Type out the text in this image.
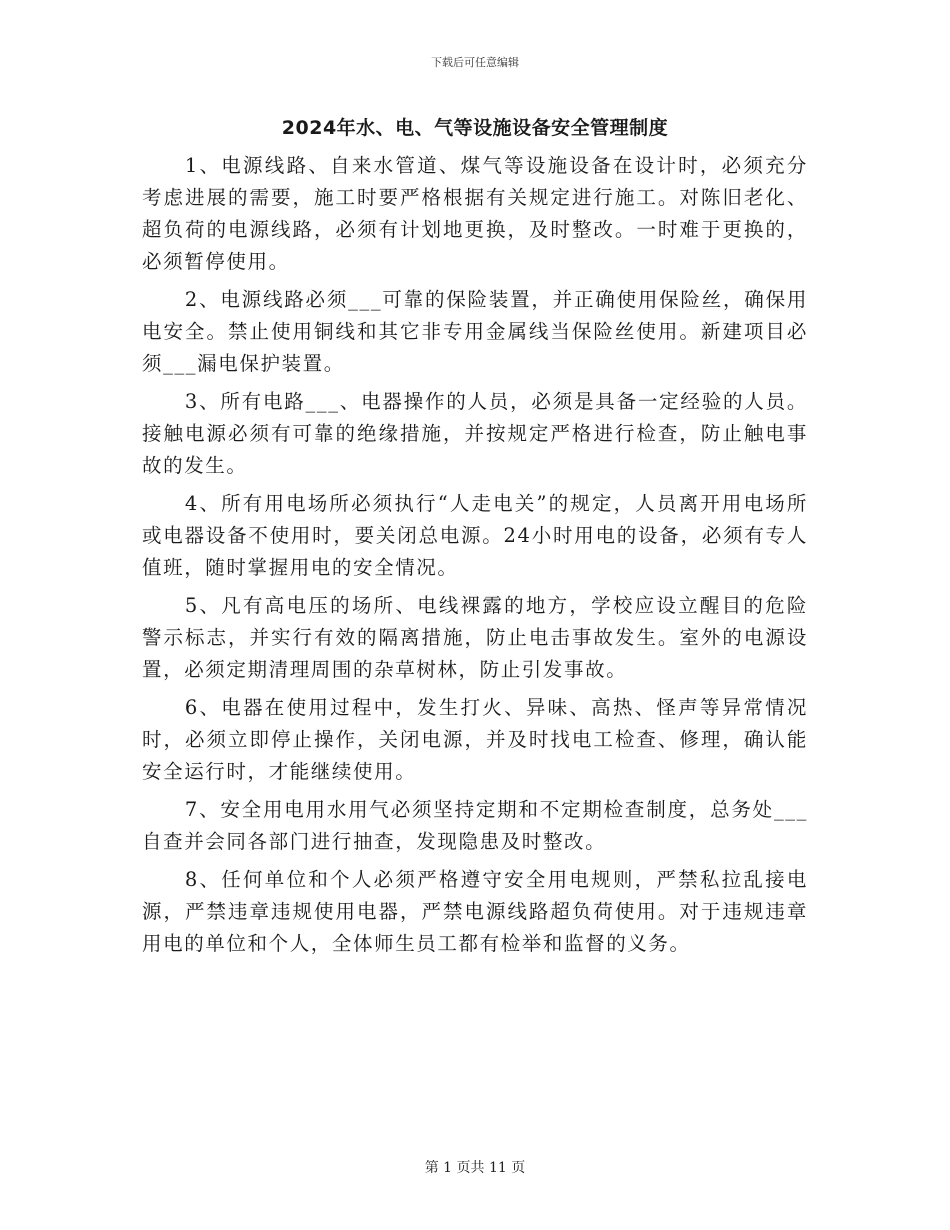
下载后可任意编辑
2024年水、电、气等设施设备安全管理制度

1、电源线路、自来水管道、煤气等设施设备在设计时，必须充分考虑进展的需要，施工时要严格根据有关规定进行施工。对陈旧老化、超负荷的电源线路，必须有计划地更换，及时整改。一时难于更换的，必须暂停使用。

2、电源线路必须___可靠的保险装置，并正确使用保险丝，确保用电安全。禁止使用铜线和其它非专用金属线当保险丝使用。新建项目必须___漏电保护装置。

3、所有电路___、电器操作的人员，必须是具备一定经验的人员。接触电源必须有可靠的绝缘措施，并按规定严格进行检查，防止触电事故的发生。

4、所有用电场所必须执行“人走电关”的规定，人员离开用电场所或电器设备不使用时，要关闭总电源。24小时用电的设备，必须有专人值班，随时掌握用电的安全情况。

5、凡有高电压的场所、电线裸露的地方，学校应设立醒目的危险警示标志，并实行有效的隔离措施，防止电击事故发生。室外的电源设置，必须定期清理周围的杂草树林，防止引发事故。

6、电器在使用过程中，发生打火、异味、高热、怪声等异常情况时，必须立即停止操作，关闭电源，并及时找电工检查、修理，确认能安全运行时，才能继续使用。

7、安全用电用水用气必须坚持定期和不定期检查制度，总务处___自查并会同各部门进行抽查，发现隐患及时整改。

8、任何单位和个人必须严格遵守安全用电规则，严禁私拉乱接电源，严禁违章违规使用电器，严禁电源线路超负荷使用。对于违规违章用电的单位和个人，全体师生员工都有检举和监督的义务。

第 1 页共 11 页
